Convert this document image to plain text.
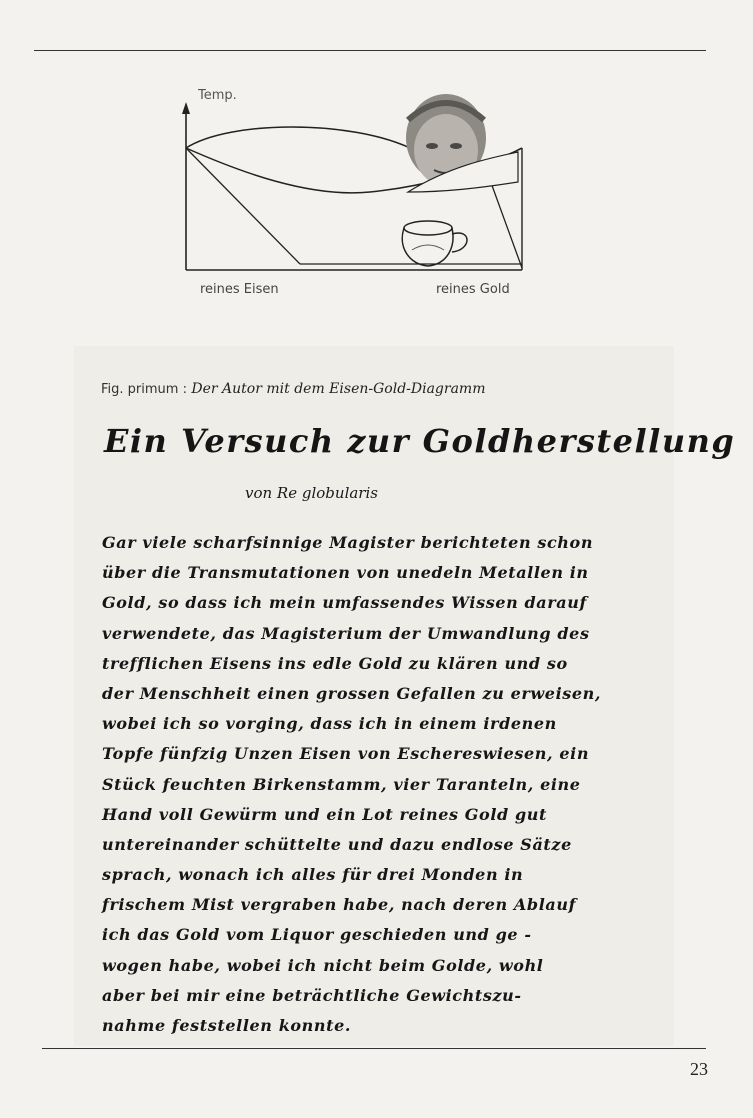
Temp.
reines Eisen	reines Gold
Fig. primum : Der Autor mit dem Eisen-Gold-Diagramm
Ein Versuch zur Goldherstellung
von Re globularis
Gar viele scharfsinnige Magister berichteten schon
über die Transmutationen von unedeln Metallen in
Gold, so dass ich mein umfassendes Wissen darauf
verwendete, das Magisterium der Umwandlung des
trefflichen Eisens ins edle Gold zu klären und so
der Menschheit einen grossen Gefallen zu erweisen,
wobei ich so vorging, dass ich in einem irdenen
Topfe fünfzig Unzen Eisen von Eschereswiesen, ein
Stück feuchten Birkenstamm, vier Taranteln, eine
Hand voll Gewürm und ein Lot reines Gold gut
untereinander schüttelte und dazu endlose Sätze
sprach, wonach ich alles für drei Monden in
frischem Mist vergraben habe, nach deren Ablauf
ich das Gold vom Liquor geschieden und ge -
wogen habe, wobei ich nicht beim Golde, wohl
aber bei mir eine beträchtliche Gewichtszu-
nahme feststellen konnte.
23
